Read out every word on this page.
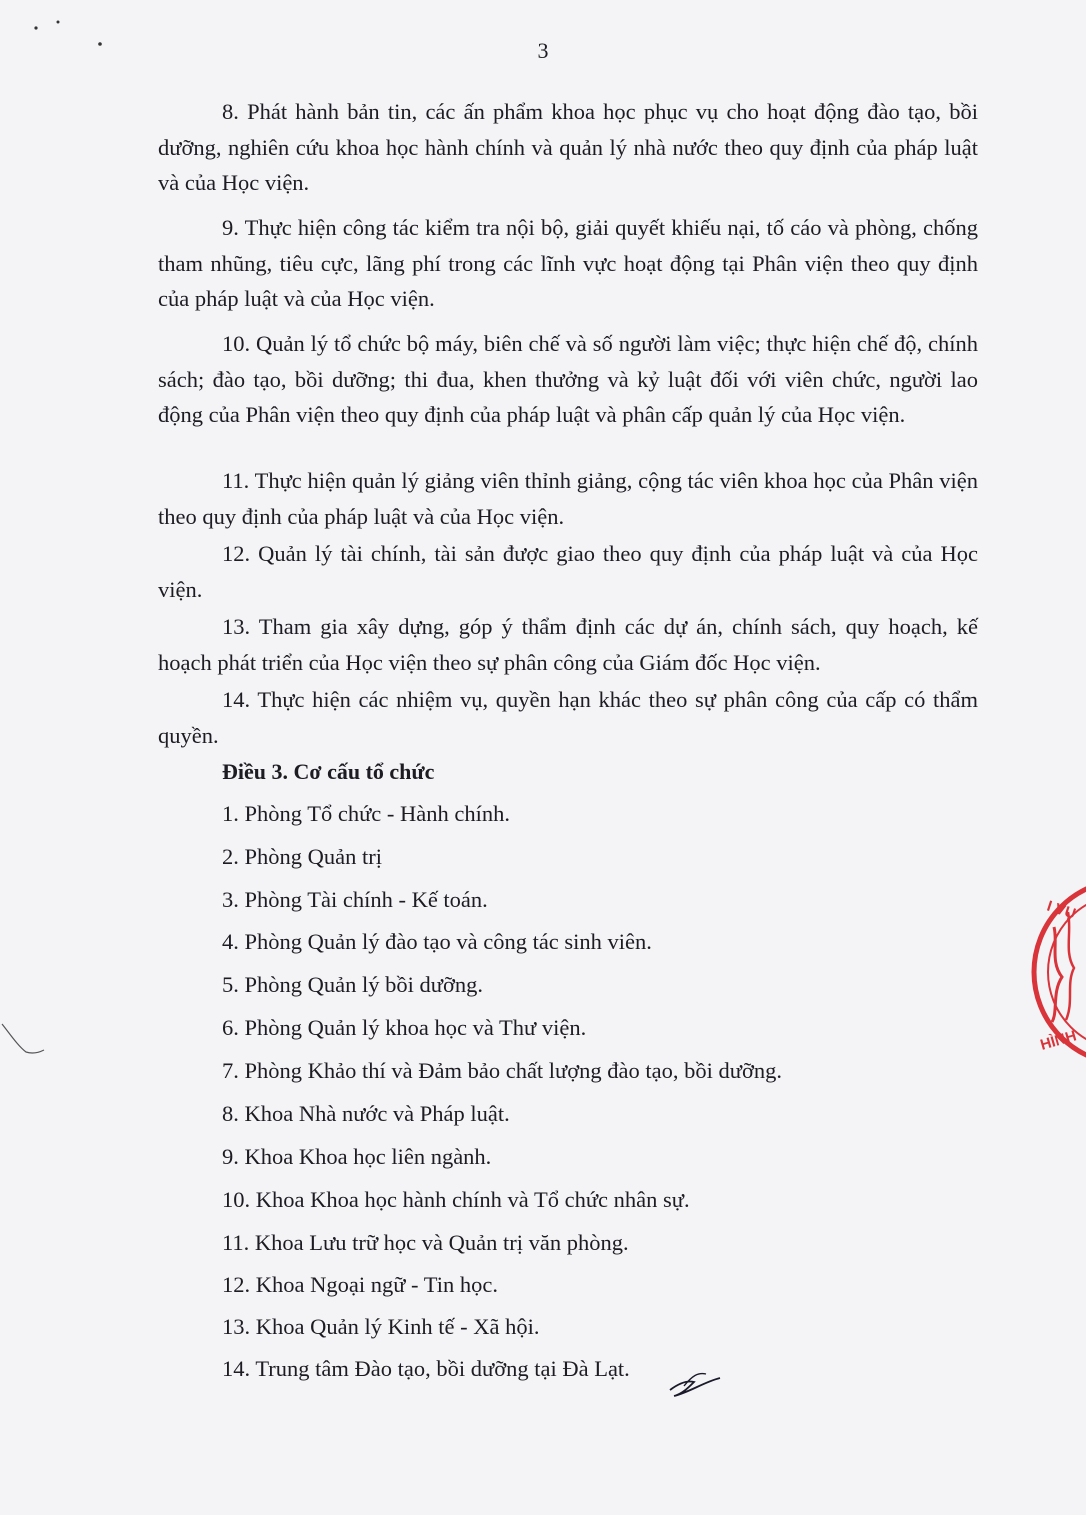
3

8. Phát hành bản tin, các ấn phẩm khoa học phục vụ cho hoạt động đào tạo, bồi dưỡng, nghiên cứu khoa học hành chính và quản lý nhà nước theo quy định của pháp luật và của Học viện.

9. Thực hiện công tác kiểm tra nội bộ, giải quyết khiếu nại, tố cáo và phòng, chống tham nhũng, tiêu cực, lãng phí trong các lĩnh vực hoạt động tại Phân viện theo quy định của pháp luật và của Học viện.

10. Quản lý tổ chức bộ máy, biên chế và số người làm việc; thực hiện chế độ, chính sách; đào tạo, bồi dưỡng; thi đua, khen thưởng và kỷ luật đối với viên chức, người lao động của Phân viện theo quy định của pháp luật và phân cấp quản lý của Học viện.

11. Thực hiện quản lý giảng viên thỉnh giảng, cộng tác viên khoa học của Phân viện theo quy định của pháp luật và của Học viện.

12. Quản lý tài chính, tài sản được giao theo quy định của pháp luật và của Học viện.

13. Tham gia xây dựng, góp ý thẩm định các dự án, chính sách, quy hoạch, kế hoạch phát triển của Học viện theo sự phân công của Giám đốc Học viện.

14. Thực hiện các nhiệm vụ, quyền hạn khác theo sự phân công của cấp có thẩm quyền.

Điều 3. Cơ cấu tổ chức
1. Phòng Tổ chức - Hành chính.
2. Phòng Quản trị
3. Phòng Tài chính - Kế toán.
4. Phòng Quản lý đào tạo và công tác sinh viên.
5. Phòng Quản lý bồi dưỡng.
6. Phòng Quản lý khoa học và Thư viện.
7. Phòng Khảo thí và Đảm bảo chất lượng đào tạo, bồi dưỡng.
8. Khoa Nhà nước và Pháp luật.
9. Khoa Khoa học liên ngành.
10. Khoa Khoa học hành chính và Tổ chức nhân sự.
11. Khoa Lưu trữ học và Quản trị văn phòng.
12. Khoa Ngoại ngữ - Tin học.
13. Khoa Quản lý Kinh tế - Xã hội.
14. Trung tâm Đào tạo, bồi dưỡng tại Đà Lạt.
I VỤ
HÌNH
